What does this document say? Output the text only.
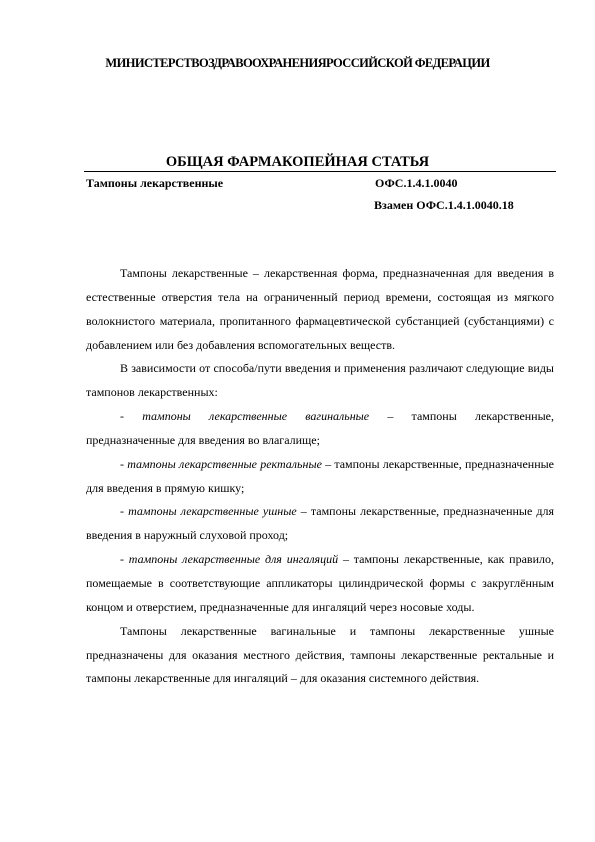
МИНИСТЕРСТВОЗДРАВООХРАНЕНИЯРОССИЙСКОЙ ФЕДЕРАЦИИ
ОБЩАЯ ФАРМАКОПЕЙНАЯ СТАТЬЯ
Тампоны лекарственные	ОФС.1.4.1.0040
Взамен ОФС.1.4.1.0040.18

Тампоны лекарственные – лекарственная форма, предназначенная для введения в естественные отверстия тела на ограниченный период времени, состоящая из мягкого волокнистого материала, пропитанного фармацевтической субстанцией (субстанциями) с добавлением или без добавления вспомогательных веществ.

В зависимости от способа/пути введения и применения различают следующие виды тампонов лекарственных:

- тампоны лекарственные вагинальные – тампоны лекарственные, предназначенные для введения во влагалище;

- тампоны лекарственные ректальные – тампоны лекарственные, предназначенные для введения в прямую кишку;

- тампоны лекарственные ушные – тампоны лекарственные, предназначенные для введения в наружный слуховой проход;

- тампоны лекарственные для ингаляций – тампоны лекарственные, как правило, помещаемые в соответствующие аппликаторы цилиндрической формы с закруглённым концом и отверстием, предназначенные для ингаляций через носовые ходы.

Тампоны лекарственные вагинальные и тампоны лекарственные ушные предназначены для оказания местного действия, тампоны лекарственные ректальные и тампоны лекарственные для ингаляций – для оказания системного действия.
